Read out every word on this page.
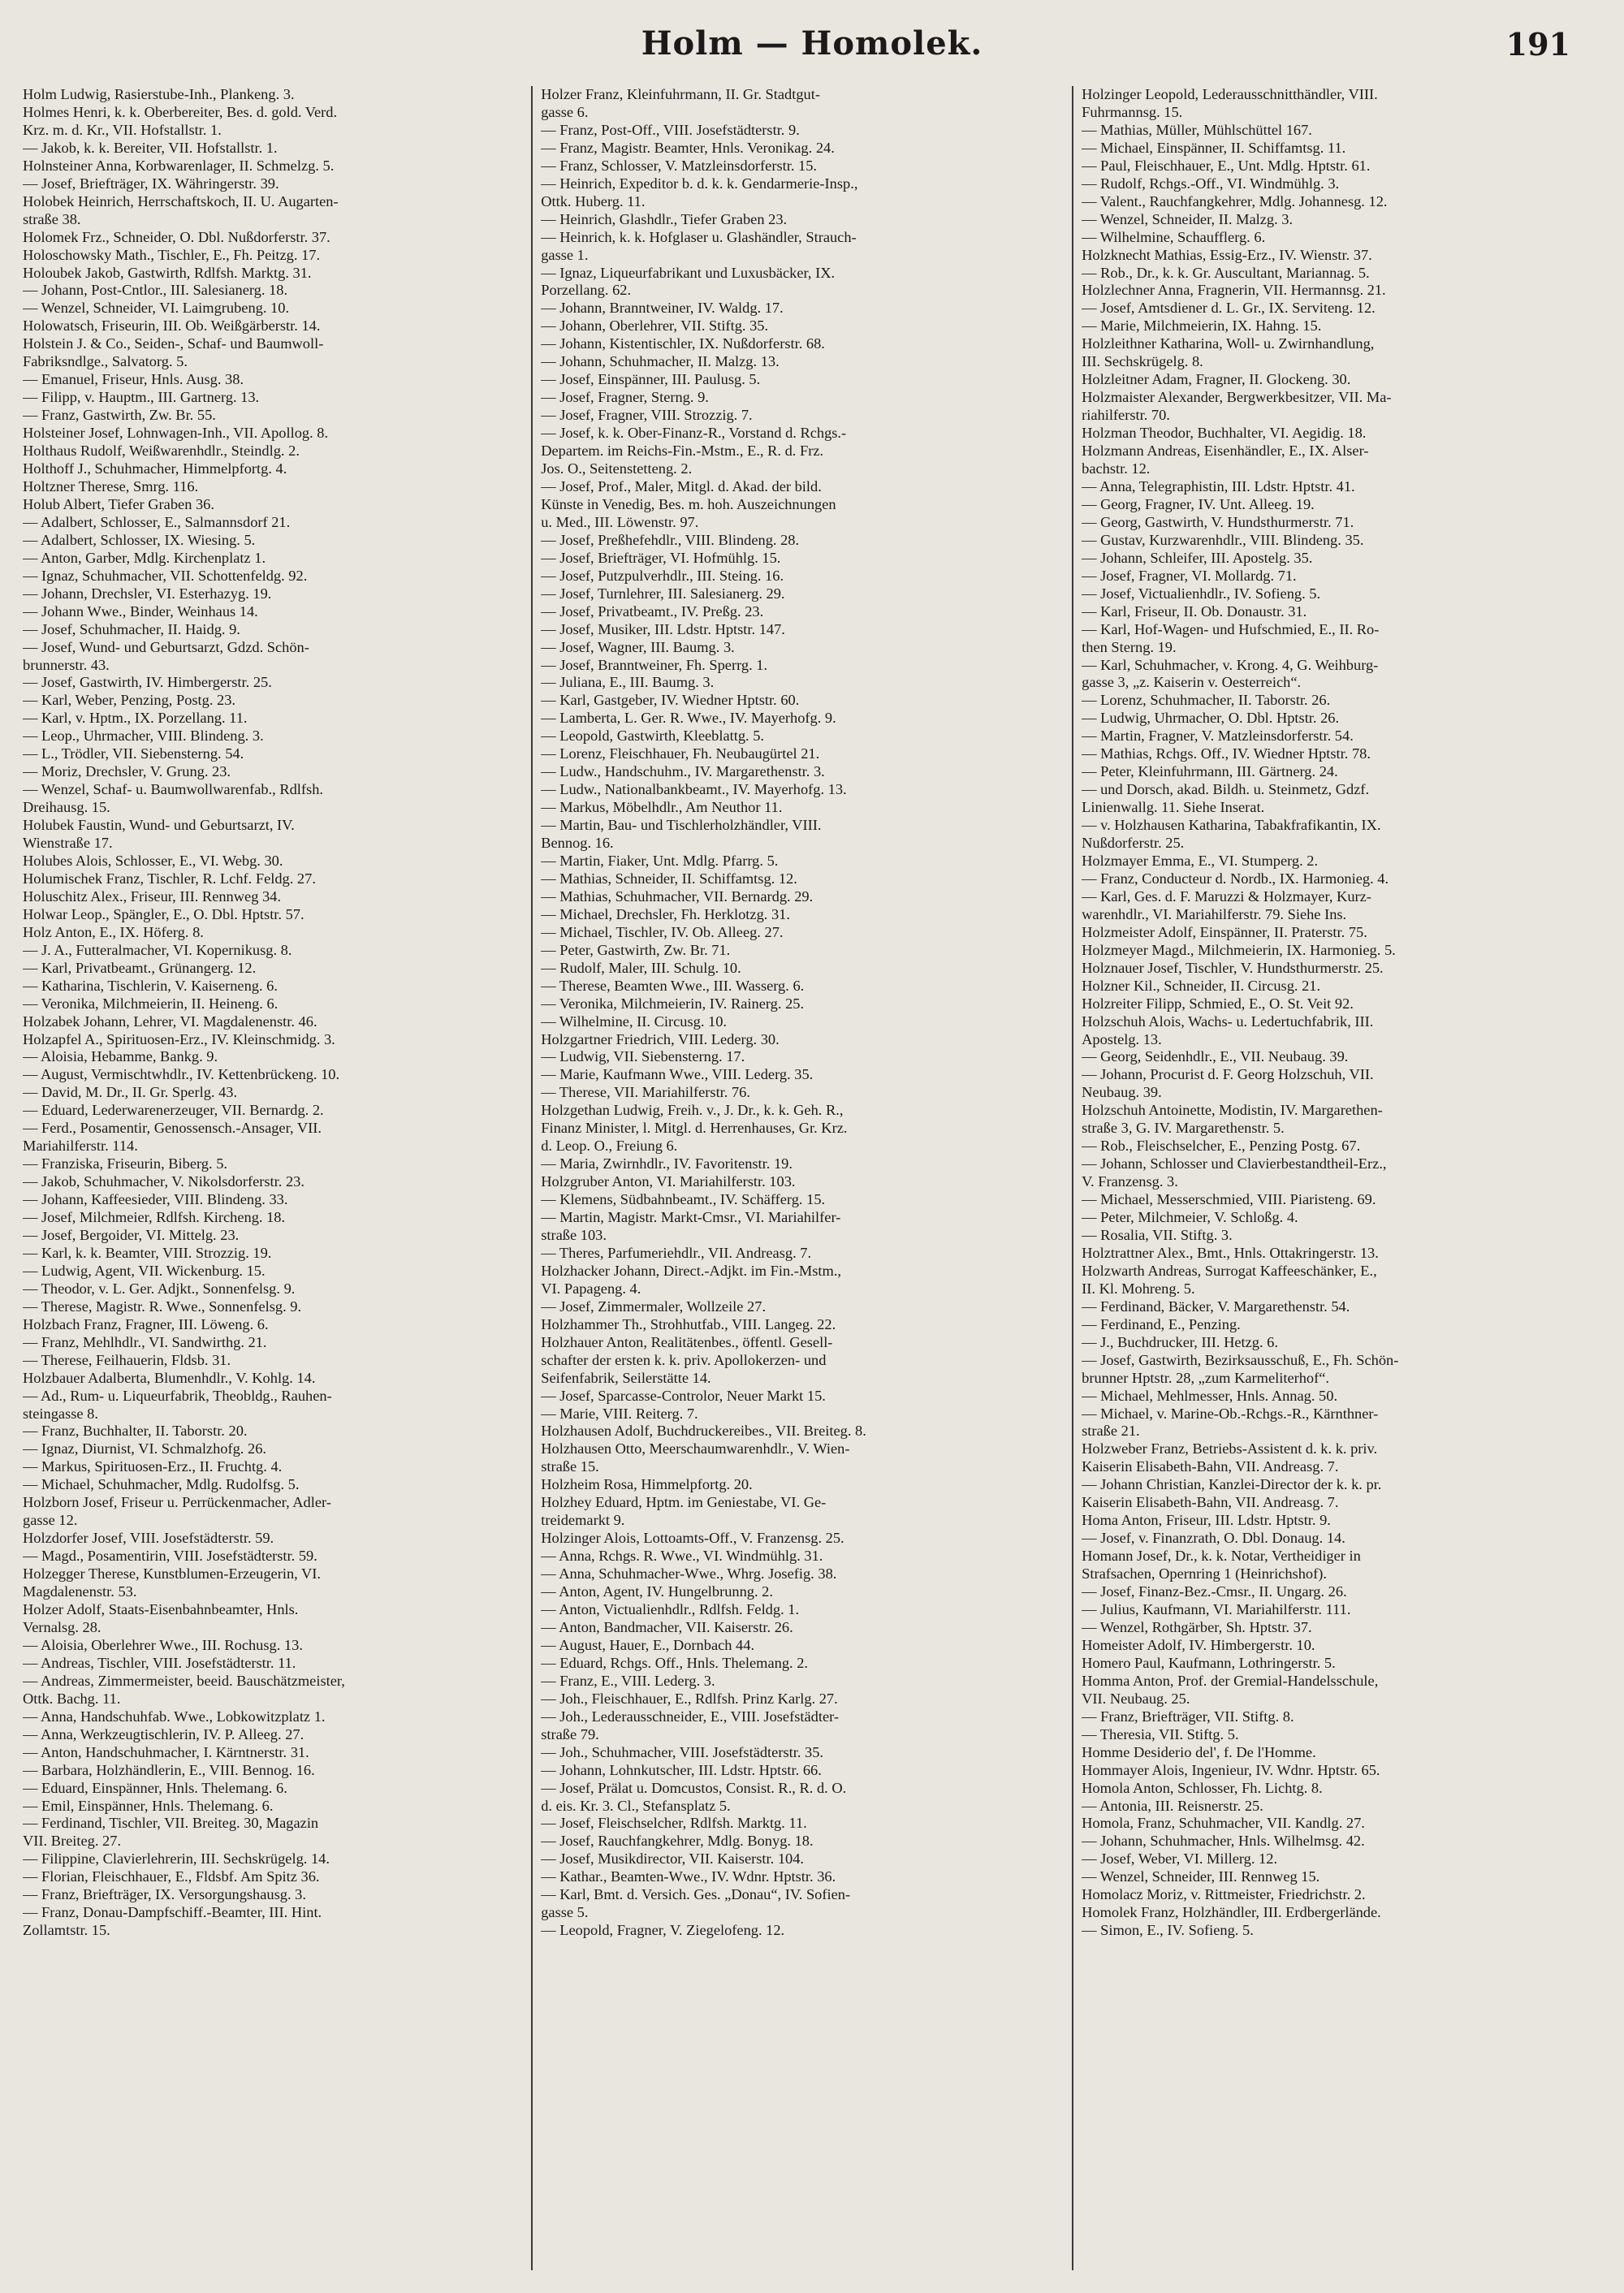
Holm — Homolek.	191
Holm Ludwig, Rasierstube-Inh., Plankeng. 3.
Holmes Henri, k. k. Oberbereiter, Bes. d. gold. Verd.
Krz. m. d. Kr., VII. Hofstallstr. 1.
— Jakob, k. k. Bereiter, VII. Hofstallstr. 1.
Holnsteiner Anna, Korbwarenlager, II. Schmelzg. 5.
— Josef, Briefträger, IX. Währingerstr. 39.
Holobek Heinrich, Herrschaftskoch, II. U. Augarten-
straße 38.
Holomek Frz., Schneider, O. Dbl. Nußdorferstr. 37.
Holoschowsky Math., Tischler, E., Fh. Peitzg. 17.
Holoubek Jakob, Gastwirth, Rdlfsh. Marktg. 31.
— Johann, Post-Cntlor., III. Salesianerg. 18.
— Wenzel, Schneider, VI. Laimgrubeng. 10.
Holowatsch, Friseurin, III. Ob. Weißgärberstr. 14.
Holstein J. & Co., Seiden-, Schaf- und Baumwoll-
Fabriksndlge., Salvatorg. 5.
— Emanuel, Friseur, Hnls. Ausg. 38.
— Filipp, v. Hauptm., III. Gartnerg. 13.
— Franz, Gastwirth, Zw. Br. 55.
Holsteiner Josef, Lohnwagen-Inh., VII. Apollog. 8.
Holthaus Rudolf, Weißwarenhdlr., Steindlg. 2.
Holthoff J., Schuhmacher, Himmelpfortg. 4.
Holtzner Therese, Smrg. 116.
Holub Albert, Tiefer Graben 36.
— Adalbert, Schlosser, E., Salmannsdorf 21.
— Adalbert, Schlosser, IX. Wiesing. 5.
— Anton, Garber, Mdlg. Kirchenplatz 1.
— Ignaz, Schuhmacher, VII. Schottenfeldg. 92.
— Johann, Drechsler, VI. Esterhazyg. 19.
— Johann Wwe., Binder, Weinhaus 14.
— Josef, Schuhmacher, II. Haidg. 9.
— Josef, Wund- und Geburtsarzt, Gdzd. Schön-
brunnerstr. 43.
— Josef, Gastwirth, IV. Himbergerstr. 25.
— Karl, Weber, Penzing, Postg. 23.
— Karl, v. Hptm., IX. Porzellang. 11.
— Leop., Uhrmacher, VIII. Blindeng. 3.
— L., Trödler, VII. Siebensterng. 54.
— Moriz, Drechsler, V. Grung. 23.
— Wenzel, Schaf- u. Baumwollwarenfab., Rdlfsh.
Dreihausg. 15.
Holubek Faustin, Wund- und Geburtsarzt, IV.
Wienstraße 17.
Holubes Alois, Schlosser, E., VI. Webg. 30.
Holumischek Franz, Tischler, R. Lchf. Feldg. 27.
Holuschitz Alex., Friseur, III. Rennweg 34.
Holwar Leop., Spängler, E., O. Dbl. Hptstr. 57.
Holz Anton, E., IX. Höferg. 8.
— J. A., Futteralmacher, VI. Kopernikusg. 8.
— Karl, Privatbeamt., Grünangerg. 12.
— Katharina, Tischlerin, V. Kaiserneng. 6.
— Veronika, Milchmeierin, II. Heineng. 6.
Holzabek Johann, Lehrer, VI. Magdalenenstr. 46.
Holzapfel A., Spirituosen-Erz., IV. Kleinschmidg. 3.
— Aloisia, Hebamme, Bankg. 9.
— August, Vermischtwhdlr., IV. Kettenbrückeng. 10.
— David, M. Dr., II. Gr. Sperlg. 43.
— Eduard, Lederwarenerzeuger, VII. Bernardg. 2.
— Ferd., Posamentir, Genossensch.-Ansager, VII.
Mariahilferstr. 114.
— Franziska, Friseurin, Biberg. 5.
— Jakob, Schuhmacher, V. Nikolsdorferstr. 23.
— Johann, Kaffeesieder, VIII. Blindeng. 33.
— Josef, Milchmeier, Rdlfsh. Kircheng. 18.
— Josef, Bergoider, VI. Mittelg. 23.
— Karl, k. k. Beamter, VIII. Strozzig. 19.
— Ludwig, Agent, VII. Wickenburg. 15.
— Theodor, v. L. Ger. Adjkt., Sonnenfelsg. 9.
— Therese, Magistr. R. Wwe., Sonnenfelsg. 9.
Holzbach Franz, Fragner, III. Löweng. 6.
— Franz, Mehlhdlr., VI. Sandwirthg. 21.
— Therese, Feilhauerin, Fldsb. 31.
Holzbauer Adalberta, Blumenhdlr., V. Kohlg. 14.
— Ad., Rum- u. Liqueurfabrik, Theobldg., Rauhen-
steingasse 8.
— Franz, Buchhalter, II. Taborstr. 20.
— Ignaz, Diurnist, VI. Schmalzhofg. 26.
— Markus, Spirituosen-Erz., II. Fruchtg. 4.
— Michael, Schuhmacher, Mdlg. Rudolfsg. 5.
Holzborn Josef, Friseur u. Perrückenmacher, Adler-
gasse 12.
Holzdorfer Josef, VIII. Josefstädterstr. 59.
— Magd., Posamentirin, VIII. Josefstädterstr. 59.
Holzegger Therese, Kunstblumen-Erzeugerin, VI.
Magdalenenstr. 53.
Holzer Adolf, Staats-Eisenbahnbeamter, Hnls.
Vernalsg. 28.
— Aloisia, Oberlehrer Wwe., III. Rochusg. 13.
— Andreas, Tischler, VIII. Josefstädterstr. 11.
— Andreas, Zimmermeister, beeid. Bauschätzmeister,
Ottk. Bachg. 11.
— Anna, Handschuhfab. Wwe., Lobkowitzplatz 1.
— Anna, Werkzeugtischlerin, IV. P. Alleeg. 27.
— Anton, Handschuhmacher, I. Kärntnerstr. 31.
— Barbara, Holzhändlerin, E., VIII. Bennog. 16.
— Eduard, Einspänner, Hnls. Thelemang. 6.
— Emil, Einspänner, Hnls. Thelemang. 6.
— Ferdinand, Tischler, VII. Breiteg. 30, Magazin
VII. Breiteg. 27.
— Filippine, Clavierlehrerin, III. Sechskrügelg. 14.
— Florian, Fleischhauer, E., Fldsbf. Am Spitz 36.
— Franz, Briefträger, IX. Versorgungshausg. 3.
— Franz, Donau-Dampfschiff.-Beamter, III. Hint.
Zollamtstr. 15.
Holzer Franz, Kleinfuhrmann, II. Gr. Stadtgut-
gasse 6.
— Franz, Post-Off., VIII. Josefstädterstr. 9.
— Franz, Magistr. Beamter, Hnls. Veronikag. 24.
— Franz, Schlosser, V. Matzleinsdorferstr. 15.
— Heinrich, Expeditor b. d. k. k. Gendarmerie-Insp.,
Ottk. Huberg. 11.
— Heinrich, Glashdlr., Tiefer Graben 23.
— Heinrich, k. k. Hofglaser u. Glashändler, Strauch-
gasse 1.
— Ignaz, Liqueurfabrikant und Luxusbäcker, IX.
Porzellang. 62.
— Johann, Branntweiner, IV. Waldg. 17.
— Johann, Oberlehrer, VII. Stiftg. 35.
— Johann, Kistentischler, IX. Nußdorferstr. 68.
— Johann, Schuhmacher, II. Malzg. 13.
— Josef, Einspänner, III. Paulusg. 5.
— Josef, Fragner, Sterng. 9.
— Josef, Fragner, VIII. Strozzig. 7.
— Josef, k. k. Ober-Finanz-R., Vorstand d. Rchgs.-
Departem. im Reichs-Fin.-Mstm., E., R. d. Frz.
Jos. O., Seitenstetteng. 2.
— Josef, Prof., Maler, Mitgl. d. Akad. der bild.
Künste in Venedig, Bes. m. hoh. Auszeichnungen
u. Med., III. Löwenstr. 97.
— Josef, Preßhefehdlr., VIII. Blindeng. 28.
— Josef, Briefträger, VI. Hofmühlg. 15.
— Josef, Putzpulverhdlr., III. Steing. 16.
— Josef, Turnlehrer, III. Salesianerg. 29.
— Josef, Privatbeamt., IV. Preßg. 23.
— Josef, Musiker, III. Ldstr. Hptstr. 147.
— Josef, Wagner, III. Baumg. 3.
— Josef, Branntweiner, Fh. Sperrg. 1.
— Juliana, E., III. Baumg. 3.
— Karl, Gastgeber, IV. Wiedner Hptstr. 60.
— Lamberta, L. Ger. R. Wwe., IV. Mayerhofg. 9.
— Leopold, Gastwirth, Kleeblattg. 5.
— Lorenz, Fleischhauer, Fh. Neubaugürtel 21.
— Ludw., Handschuhm., IV. Margarethenstr. 3.
— Ludw., Nationalbankbeamt., IV. Mayerhofg. 13.
— Markus, Möbelhdlr., Am Neuthor 11.
— Martin, Bau- und Tischlerholzhändler, VIII.
Bennog. 16.
— Martin, Fiaker, Unt. Mdlg. Pfarrg. 5.
— Mathias, Schneider, II. Schiffamtsg. 12.
— Mathias, Schuhmacher, VII. Bernardg. 29.
— Michael, Drechsler, Fh. Herklotzg. 31.
— Michael, Tischler, IV. Ob. Alleeg. 27.
— Peter, Gastwirth, Zw. Br. 71.
— Rudolf, Maler, III. Schulg. 10.
— Therese, Beamten Wwe., III. Wasserg. 6.
— Veronika, Milchmeierin, IV. Rainerg. 25.
— Wilhelmine, II. Circusg. 10.
Holzgartner Friedrich, VIII. Lederg. 30.
— Ludwig, VII. Siebensterng. 17.
— Marie, Kaufmann Wwe., VIII. Lederg. 35.
— Therese, VII. Mariahilferstr. 76.
Holzgethan Ludwig, Freih. v., J. Dr., k. k. Geh. R.,
Finanz Minister, l. Mitgl. d. Herrenhauses, Gr. Krz.
d. Leop. O., Freiung 6.
— Maria, Zwirnhdlr., IV. Favoritenstr. 19.
Holzgruber Anton, VI. Mariahilferstr. 103.
— Klemens, Südbahnbeamt., IV. Schäfferg. 15.
— Martin, Magistr. Markt-Cmsr., VI. Mariahilfer-
straße 103.
— Theres, Parfumeriehdlr., VII. Andreasg. 7.
Holzhacker Johann, Direct.-Adjkt. im Fin.-Mstm.,
VI. Papageng. 4.
— Josef, Zimmermaler, Wollzeile 27.
Holzhammer Th., Strohhutfab., VIII. Langeg. 22.
Holzhauer Anton, Realitätenbes., öffentl. Gesell-
schafter der ersten k. k. priv. Apollokerzen- und
Seifenfabrik, Seilerstätte 14.
— Josef, Sparcasse-Controlor, Neuer Markt 15.
— Marie, VIII. Reiterg. 7.
Holzhausen Adolf, Buchdruckereibes., VII. Breiteg. 8.
Holzhausen Otto, Meerschaumwarenhdlr., V. Wien-
straße 15.
Holzheim Rosa, Himmelpfortg. 20.
Holzhey Eduard, Hptm. im Geniestabe, VI. Ge-
treidemarkt 9.
Holzinger Alois, Lottoamts-Off., V. Franzensg. 25.
— Anna, Rchgs. R. Wwe., VI. Windmühlg. 31.
— Anna, Schuhmacher-Wwe., Whrg. Josefig. 38.
— Anton, Agent, IV. Hungelbrunng. 2.
— Anton, Victualienhdlr., Rdlfsh. Feldg. 1.
— Anton, Bandmacher, VII. Kaiserstr. 26.
— August, Hauer, E., Dornbach 44.
— Eduard, Rchgs. Off., Hnls. Thelemang. 2.
— Franz, E., VIII. Lederg. 3.
— Joh., Fleischhauer, E., Rdlfsh. Prinz Karlg. 27.
— Joh., Lederausschneider, E., VIII. Josefstädter-
straße 79.
— Joh., Schuhmacher, VIII. Josefstädterstr. 35.
— Johann, Lohnkutscher, III. Ldstr. Hptstr. 66.
— Josef, Prälat u. Domcustos, Consist. R., R. d. O.
d. eis. Kr. 3. Cl., Stefansplatz 5.
— Josef, Fleischselcher, Rdlfsh. Marktg. 11.
— Josef, Rauchfangkehrer, Mdlg. Bonyg. 18.
— Josef, Musikdirector, VII. Kaiserstr. 104.
— Kathar., Beamten-Wwe., IV. Wdnr. Hptstr. 36.
— Karl, Bmt. d. Versich. Ges. „Donau“, IV. Sofien-
gasse 5.
— Leopold, Fragner, V. Ziegelofeng. 12.
Holzinger Leopold, Lederausschnitthändler, VIII.
Fuhrmannsg. 15.
— Mathias, Müller, Mühlschüttel 167.
— Michael, Einspänner, II. Schiffamtsg. 11.
— Paul, Fleischhauer, E., Unt. Mdlg. Hptstr. 61.
— Rudolf, Rchgs.-Off., VI. Windmühlg. 3.
— Valent., Rauchfangkehrer, Mdlg. Johannesg. 12.
— Wenzel, Schneider, II. Malzg. 3.
— Wilhelmine, Schaufflerg. 6.
Holzknecht Mathias, Essig-Erz., IV. Wienstr. 37.
— Rob., Dr., k. k. Gr. Auscultant, Mariannag. 5.
Holzlechner Anna, Fragnerin, VII. Hermannsg. 21.
— Josef, Amtsdiener d. L. Gr., IX. Serviteng. 12.
— Marie, Milchmeierin, IX. Hahng. 15.
Holzleithner Katharina, Woll- u. Zwirnhandlung,
III. Sechskrügelg. 8.
Holzleitner Adam, Fragner, II. Glockeng. 30.
Holzmaister Alexander, Bergwerkbesitzer, VII. Ma-
riahilferstr. 70.
Holzman Theodor, Buchhalter, VI. Aegidig. 18.
Holzmann Andreas, Eisenhändler, E., IX. Alser-
bachstr. 12.
— Anna, Telegraphistin, III. Ldstr. Hptstr. 41.
— Georg, Fragner, IV. Unt. Alleeg. 19.
— Georg, Gastwirth, V. Hundsthurmerstr. 71.
— Gustav, Kurzwarenhdlr., VIII. Blindeng. 35.
— Johann, Schleifer, III. Apostelg. 35.
— Josef, Fragner, VI. Mollardg. 71.
— Josef, Victualienhdlr., IV. Sofieng. 5.
— Karl, Friseur, II. Ob. Donaustr. 31.
— Karl, Hof-Wagen- und Hufschmied, E., II. Ro-
then Sterng. 19.
— Karl, Schuhmacher, v. Krong. 4, G. Weihburg-
gasse 3, „z. Kaiserin v. Oesterreich“.
— Lorenz, Schuhmacher, II. Taborstr. 26.
— Ludwig, Uhrmacher, O. Dbl. Hptstr. 26.
— Martin, Fragner, V. Matzleinsdorferstr. 54.
— Mathias, Rchgs. Off., IV. Wiedner Hptstr. 78.
— Peter, Kleinfuhrmann, III. Gärtnerg. 24.
— und Dorsch, akad. Bildh. u. Steinmetz, Gdzf.
Linienwallg. 11. Siehe Inserat.
— v. Holzhausen Katharina, Tabakfrafikantin, IX.
Nußdorferstr. 25.
Holzmayer Emma, E., VI. Stumperg. 2.
— Franz, Conducteur d. Nordb., IX. Harmonieg. 4.
— Karl, Ges. d. F. Maruzzi & Holzmayer, Kurz-
warenhdlr., VI. Mariahilferstr. 79. Siehe Ins.
Holzmeister Adolf, Einspänner, II. Praterstr. 75.
Holzmeyer Magd., Milchmeierin, IX. Harmonieg. 5.
Holznauer Josef, Tischler, V. Hundsthurmerstr. 25.
Holzner Kil., Schneider, II. Circusg. 21.
Holzreiter Filipp, Schmied, E., O. St. Veit 92.
Holzschuh Alois, Wachs- u. Ledertuchfabrik, III.
Apostelg. 13.
— Georg, Seidenhdlr., E., VII. Neubaug. 39.
— Johann, Procurist d. F. Georg Holzschuh, VII.
Neubaug. 39.
Holzschuh Antoinette, Modistin, IV. Margarethen-
straße 3, G. IV. Margarethenstr. 5.
— Rob., Fleischselcher, E., Penzing Postg. 67.
— Johann, Schlosser und Clavierbestandtheil-Erz.,
V. Franzensg. 3.
— Michael, Messerschmied, VIII. Piaristeng. 69.
— Peter, Milchmeier, V. Schloßg. 4.
— Rosalia, VII. Stiftg. 3.
Holztrattner Alex., Bmt., Hnls. Ottakringerstr. 13.
Holzwarth Andreas, Surrogat Kaffeeschänker, E.,
II. Kl. Mohreng. 5.
— Ferdinand, Bäcker, V. Margarethenstr. 54.
— Ferdinand, E., Penzing.
— J., Buchdrucker, III. Hetzg. 6.
— Josef, Gastwirth, Bezirksausschuß, E., Fh. Schön-
brunner Hptstr. 28, „zum Karmeliterhof“.
— Michael, Mehlmesser, Hnls. Annag. 50.
— Michael, v. Marine-Ob.-Rchgs.-R., Kärnthner-
straße 21.
Holzweber Franz, Betriebs-Assistent d. k. k. priv.
Kaiserin Elisabeth-Bahn, VII. Andreasg. 7.
— Johann Christian, Kanzlei-Director der k. k. pr.
Kaiserin Elisabeth-Bahn, VII. Andreasg. 7.
Homa Anton, Friseur, III. Ldstr. Hptstr. 9.
— Josef, v. Finanzrath, O. Dbl. Donaug. 14.
Homann Josef, Dr., k. k. Notar, Vertheidiger in
Strafsachen, Opernring 1 (Heinrichshof).
— Josef, Finanz-Bez.-Cmsr., II. Ungarg. 26.
— Julius, Kaufmann, VI. Mariahilferstr. 111.
— Wenzel, Rothgärber, Sh. Hptstr. 37.
Homeister Adolf, IV. Himbergerstr. 10.
Homero Paul, Kaufmann, Lothringerstr. 5.
Homma Anton, Prof. der Gremial-Handelsschule,
VII. Neubaug. 25.
— Franz, Briefträger, VII. Stiftg. 8.
— Theresia, VII. Stiftg. 5.
Homme Desiderio del', f. De l'Homme.
Hommayer Alois, Ingenieur, IV. Wdnr. Hptstr. 65.
Homola Anton, Schlosser, Fh. Lichtg. 8.
— Antonia, III. Reisnerstr. 25.
Homola, Franz, Schuhmacher, VII. Kandlg. 27.
— Johann, Schuhmacher, Hnls. Wilhelmsg. 42.
— Josef, Weber, VI. Millerg. 12.
— Wenzel, Schneider, III. Rennweg 15.
Homolacz Moriz, v. Rittmeister, Friedrichstr. 2.
Homolek Franz, Holzhändler, III. Erdbergerlände.
— Simon, E., IV. Sofieng. 5.
